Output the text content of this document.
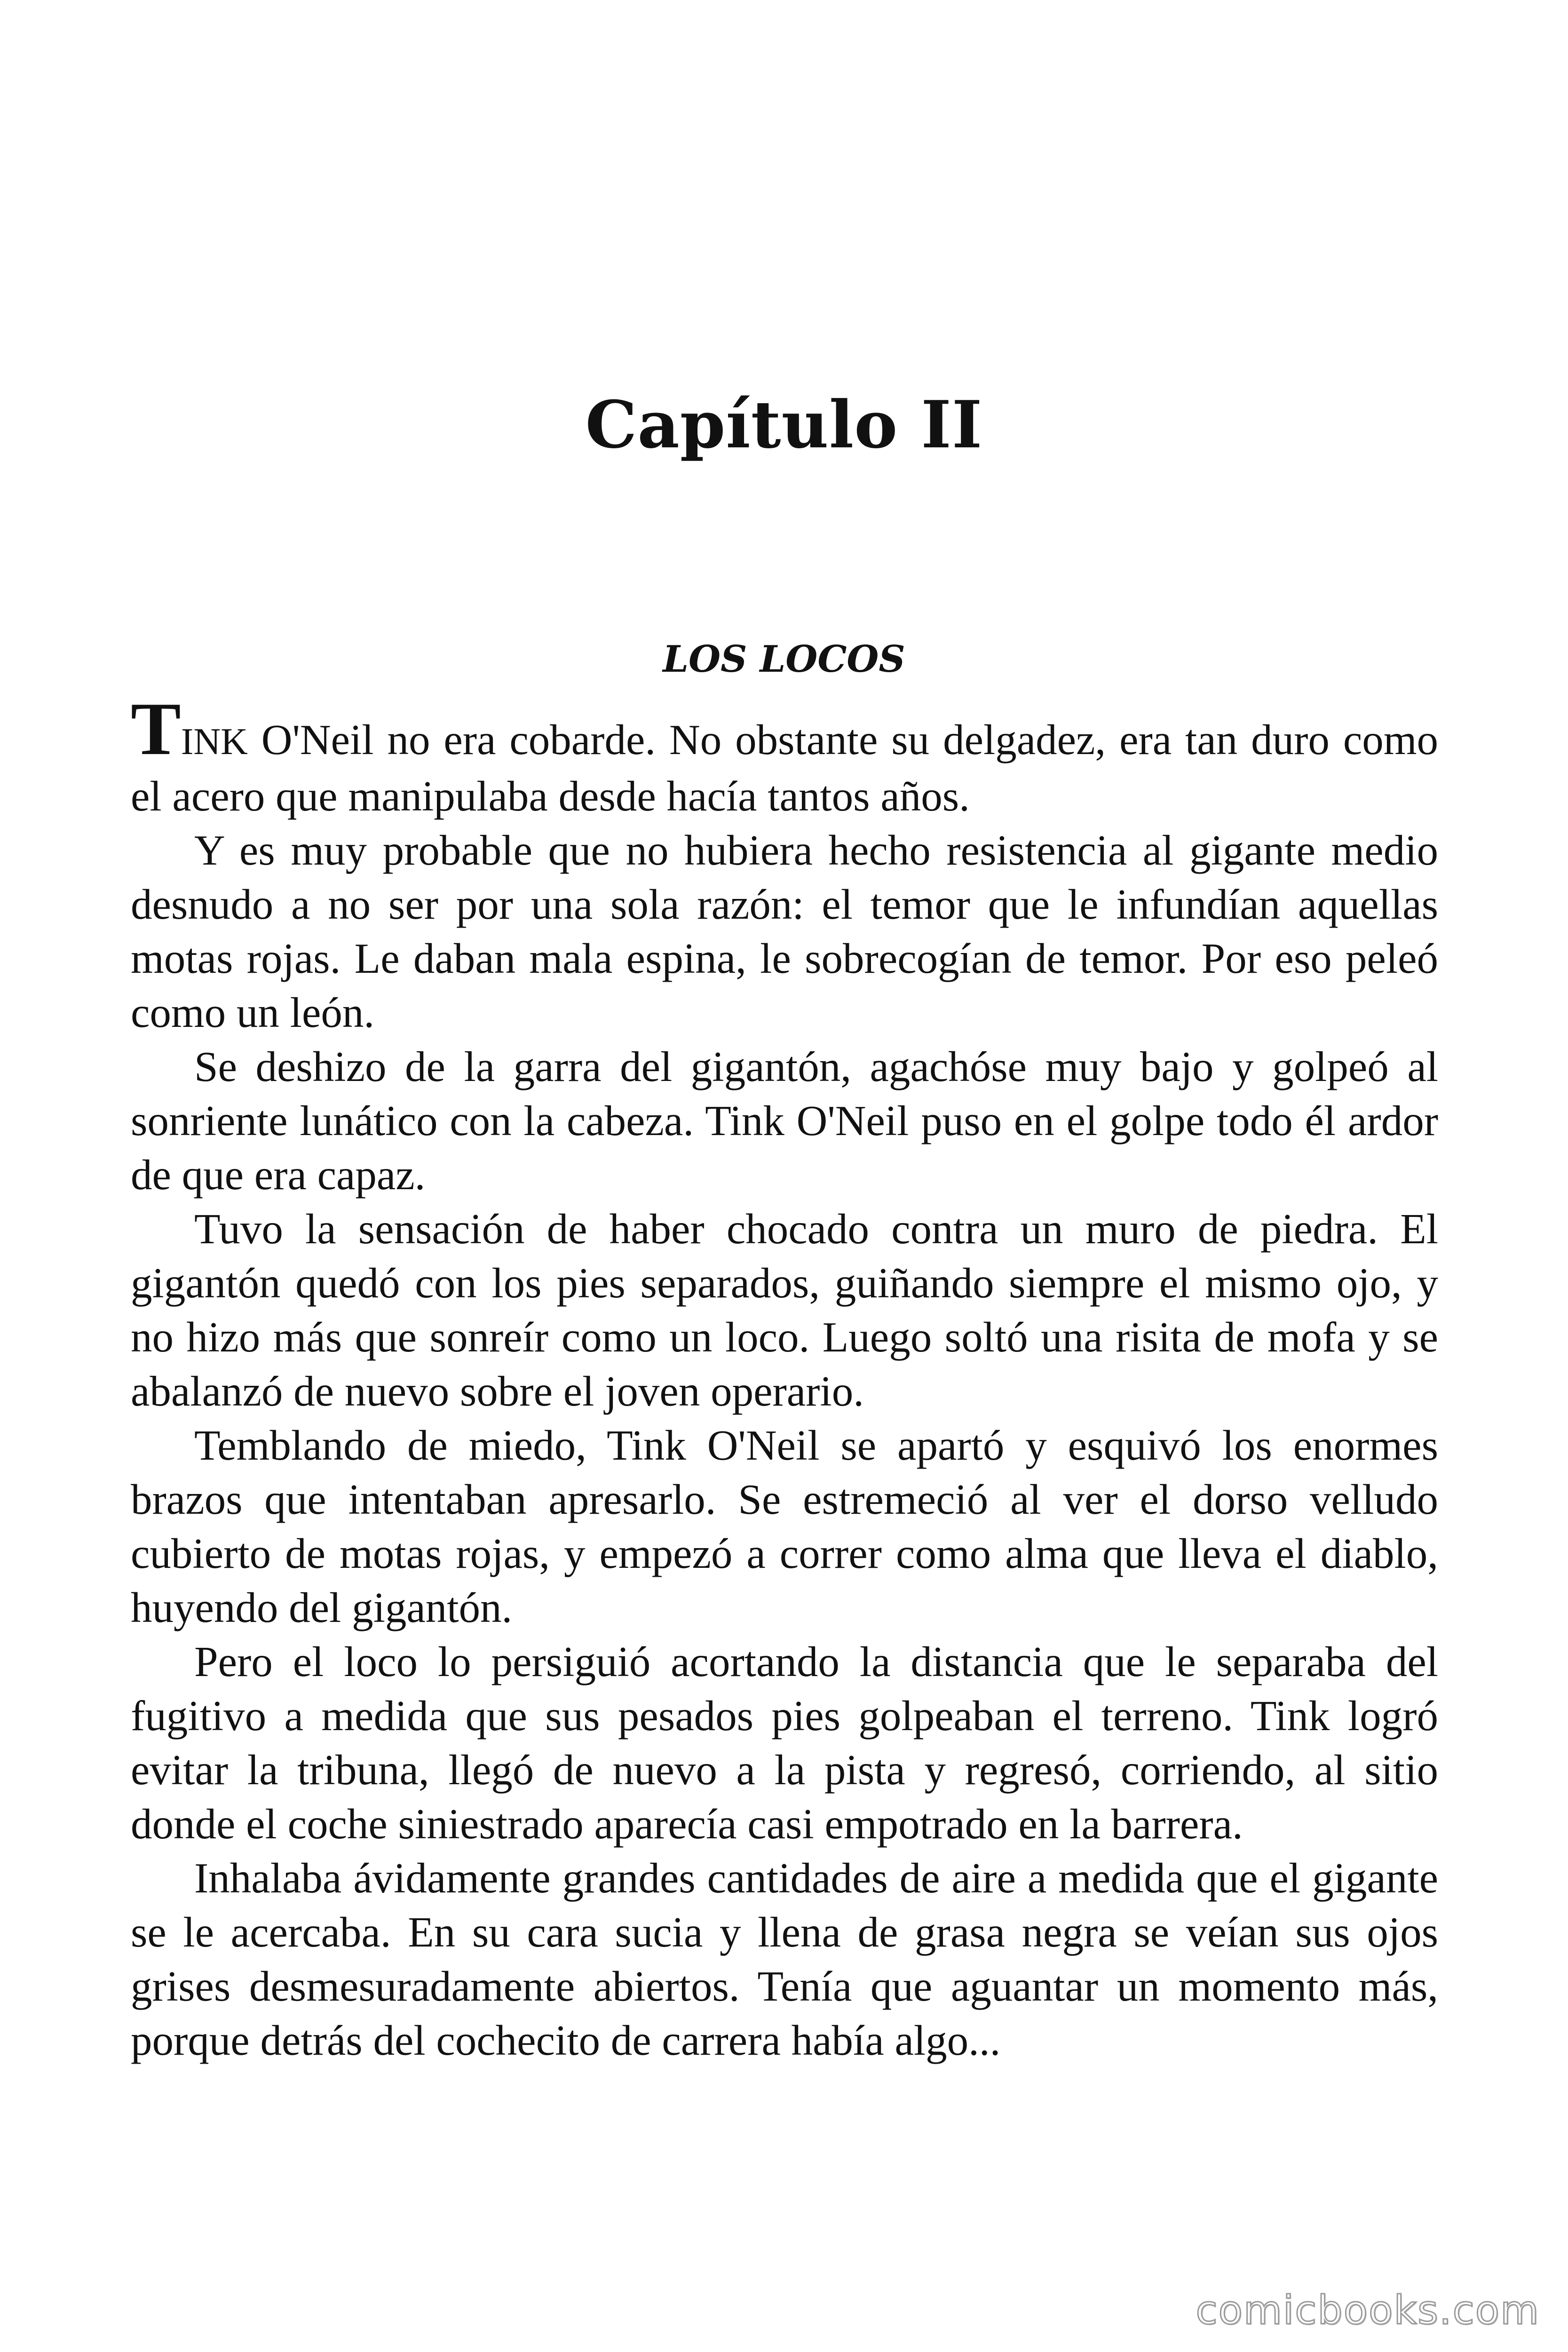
Capítulo II
LOS LOCOS

TINK O'Neil no era cobarde. No obstante su delgadez, era tan duro como el acero que manipulaba desde hacía tantos años.

Y es muy probable que no hubiera hecho resistencia al gigante medio desnudo a no ser por una sola razón: el temor que le infundían aquellas motas rojas. Le daban mala espina, le sobrecogían de temor. Por eso peleó como un león.

Se deshizo de la garra del gigantón, agachóse muy bajo y golpeó al sonriente lunático con la cabeza. Tink O'Neil puso en el golpe todo él ardor de que era capaz.

Tuvo la sensación de haber chocado contra un muro de piedra. El gigantón quedó con los pies separados, guiñando siempre el mismo ojo, y no hizo más que sonreír como un loco. Luego soltó una risita de mofa y se abalanzó de nuevo sobre el joven operario.

Temblando de miedo, Tink O'Neil se apartó y esquivó los enormes brazos que intentaban apresarlo. Se estremeció al ver el dorso velludo cubierto de motas rojas, y empezó a correr como alma que lleva el diablo, huyendo del gigantón.

Pero el loco lo persiguió acortando la distancia que le separaba del fugitivo a medida que sus pesados pies golpeaban el terreno. Tink logró evitar la tribuna, llegó de nuevo a la pista y regresó, corriendo, al sitio donde el coche siniestrado aparecía casi empotrado en la barrera.

Inhalaba ávidamente grandes cantidades de aire a medida que el gigante se le acercaba. En su cara sucia y llena de grasa negra se veían sus ojos grises desmesuradamente abiertos. Tenía que aguantar un momento más, porque detrás del cochecito de carrera había algo...

comicbooks.com
